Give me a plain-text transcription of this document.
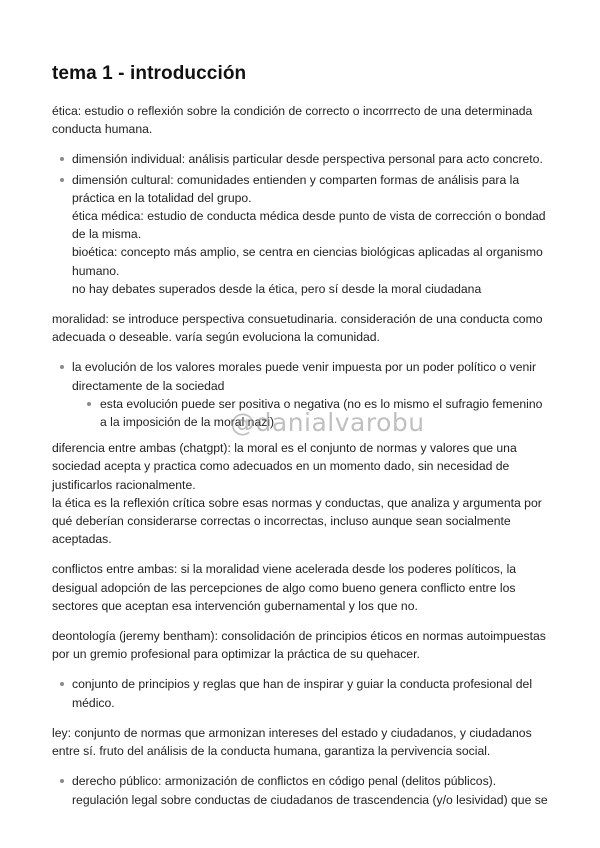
tema 1 - introducción

ética: estudio o reflexión sobre la condición de correcto o incorrrecto de una determinada conducta humana.

dimensión individual: análisis particular desde perspectiva personal para acto concreto.
dimensión cultural: comunidades entienden y comparten formas de análisis para la práctica en la totalidad del grupo.
ética médica: estudio de conducta médica desde punto de vista de corrección o bondad de la misma.
bioética: concepto más amplio, se centra en ciencias biológicas aplicadas al organismo humano.
no hay debates superados desde la ética, pero sí desde la moral ciudadana

moralidad: se introduce perspectiva consuetudinaria. consideración de una conducta como adecuada o deseable. varía según evoluciona la comunidad.

la evolución de los valores morales puede venir impuesta por un poder político o venir directamente de la sociedad
esta evolución puede ser positiva o negativa (no es lo mismo el sufragio femenino a la imposición de la moral nazi)

diferencia entre ambas (chatgpt): la moral es el conjunto de normas y valores que una sociedad acepta y practica como adecuados en un momento dado, sin necesidad de justificarlos racionalmente.

la ética es la reflexión crítica sobre esas normas y conductas, que analiza y argumenta por qué deberían considerarse correctas o incorrectas, incluso aunque sean socialmente aceptadas.

conflictos entre ambas: si la moralidad viene acelerada desde los poderes políticos, la desigual adopción de las percepciones de algo como bueno genera conflicto entre los sectores que aceptan esa intervención gubernamental y los que no.

deontología (jeremy bentham): consolidación de principios éticos en normas autoimpuestas por un gremio profesional para optimizar la práctica de su quehacer.

conjunto de principios y reglas que han de inspirar y guiar la conducta profesional del médico.

ley: conjunto de normas que armonizan intereses del estado y ciudadanos, y ciudadanos entre sí. fruto del análisis de la conducta humana, garantiza la pervivencia social.

derecho público: armonización de conflictos en código penal (delitos públicos).
regulación legal sobre conductas de ciudadanos de trascendencia (y/o lesividad) que se
@danialvarobu
